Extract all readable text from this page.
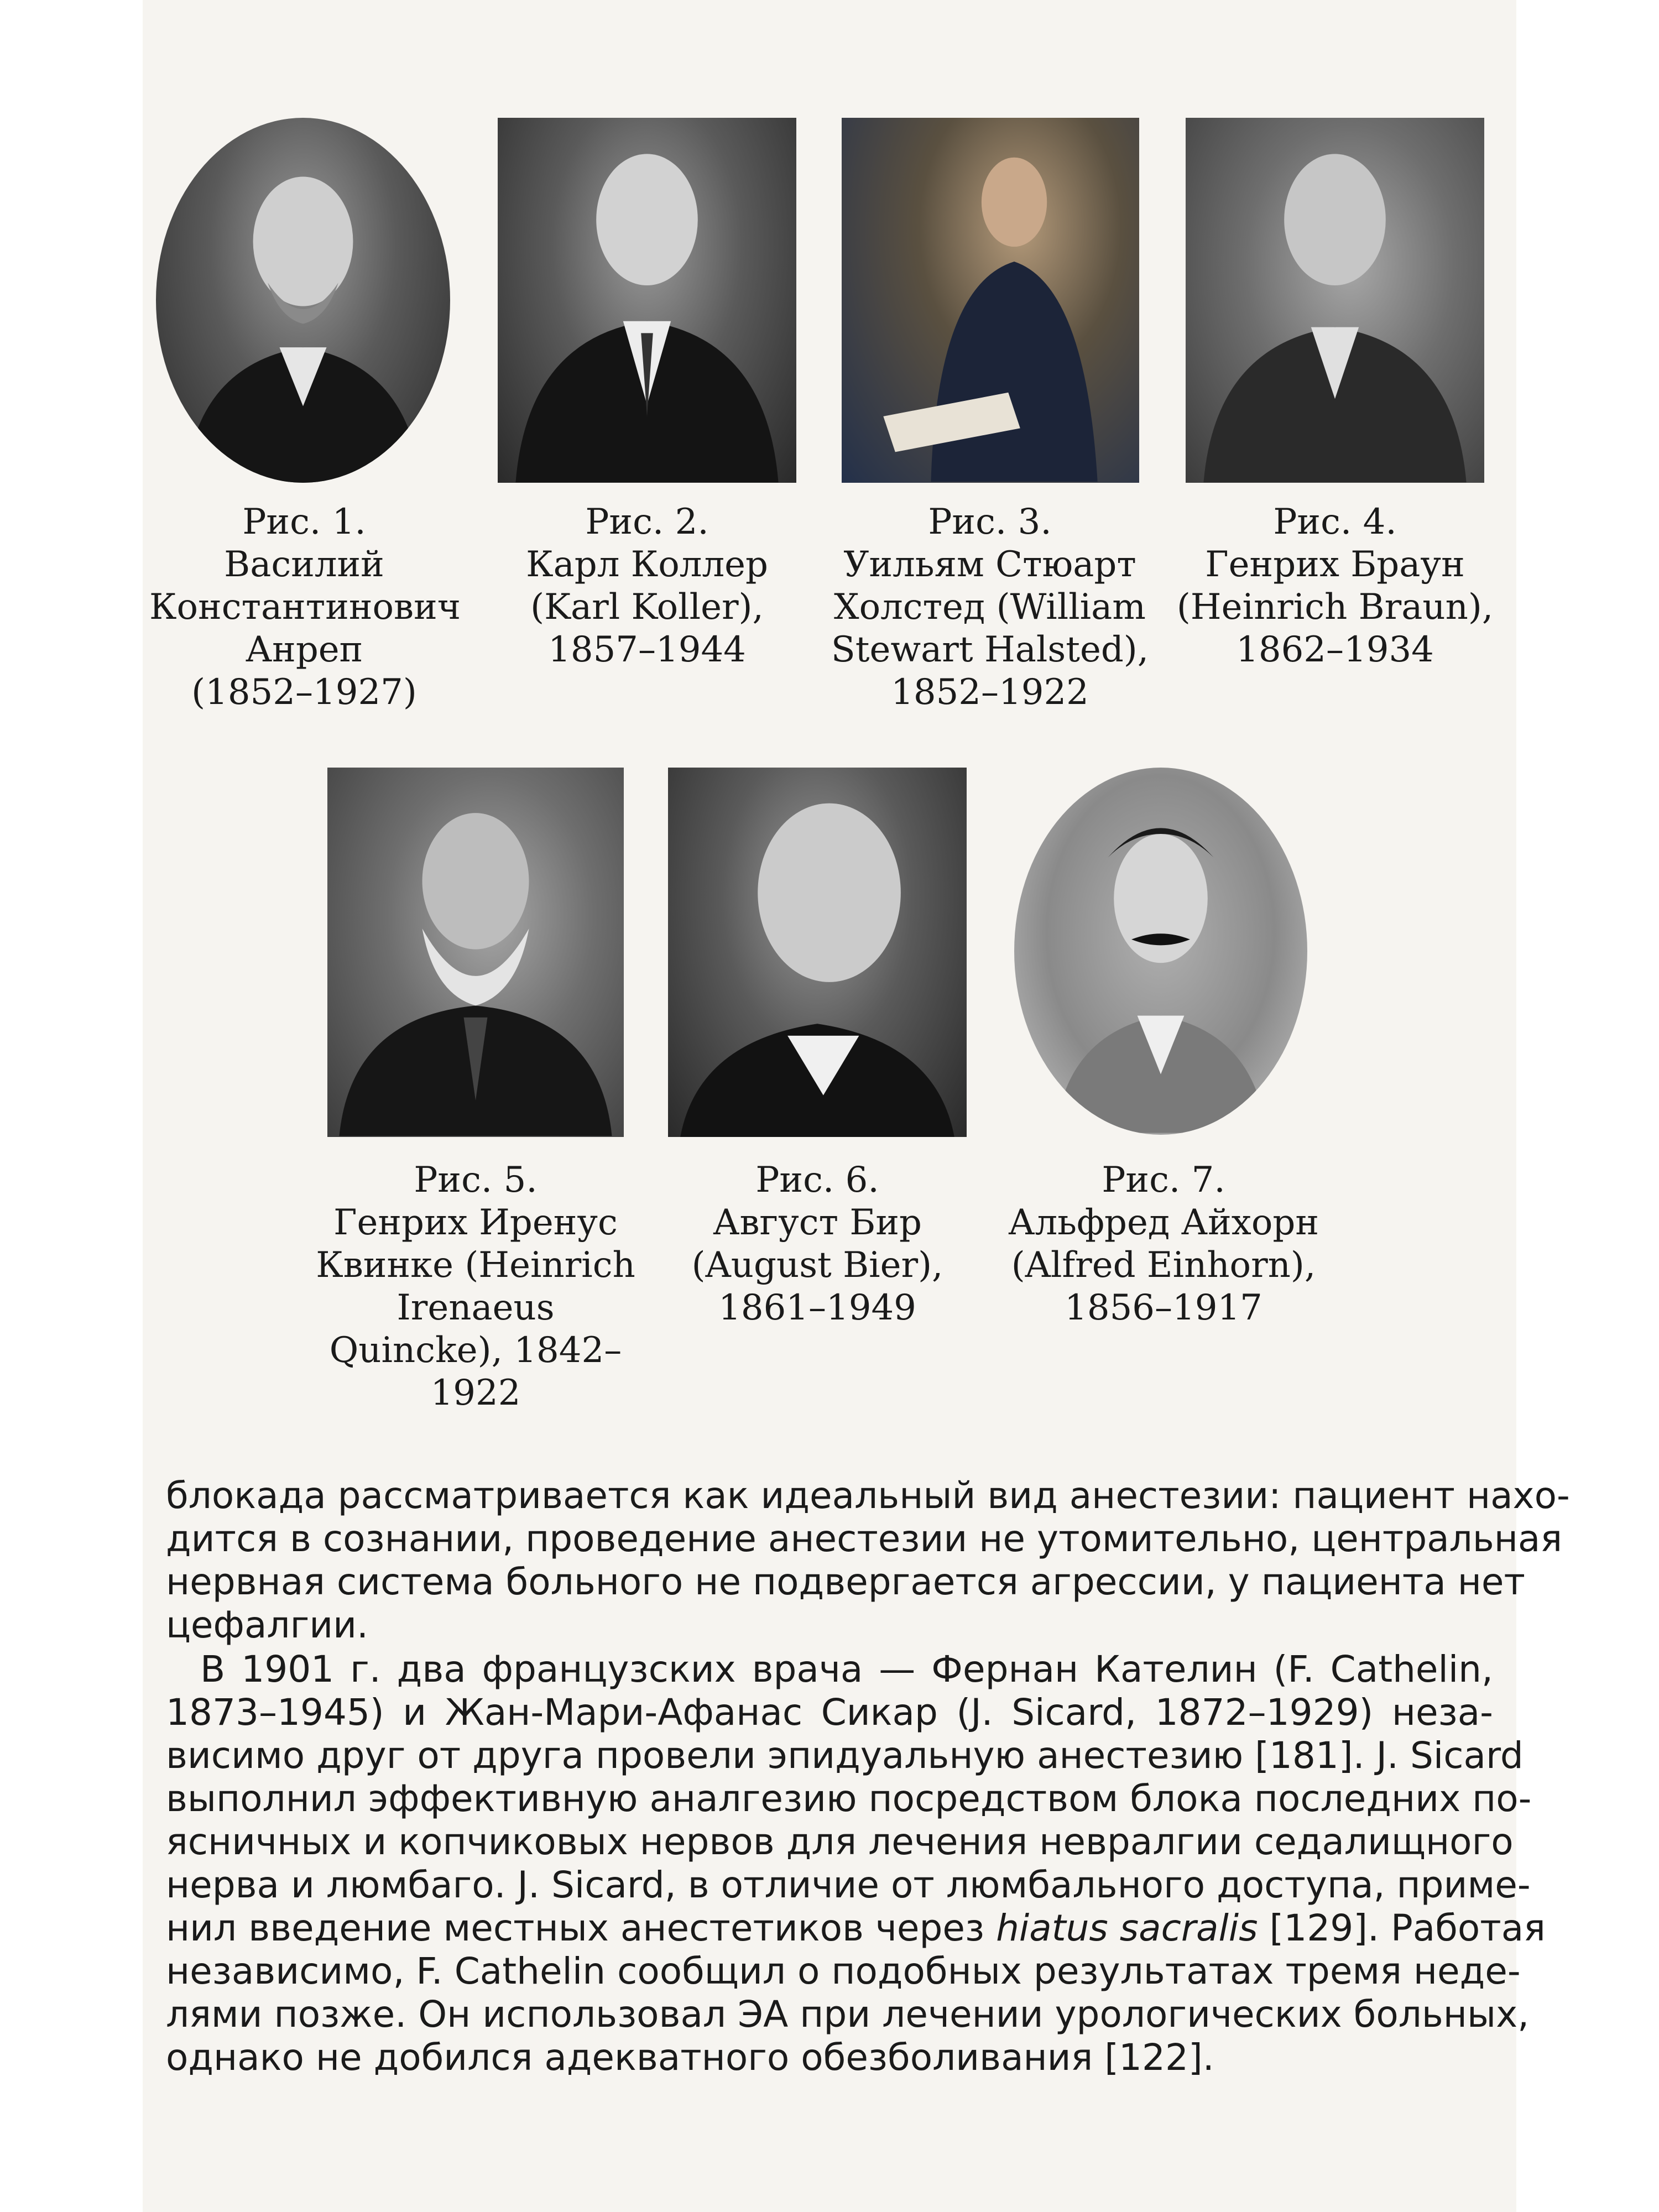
Рис. 1.
Василий
Константинович
Анреп
(1852–1927)
Рис. 2.
Карл Коллер
(Karl Koller),
1857–1944
Рис. 3.
Уильям Стюарт
Холстед (William
Stewart Halsted),
1852–1922
Рис. 4.
Генрих Браун
(Heinrich Braun),
1862–1934
Рис. 5.
Генрих Иренус
Квинке (Heinrich
Irenaeus
Quincke), 1842–
1922
Рис. 6.
Август Бир
(August Bier),
1861–1949
Рис. 7.
Альфред Айхорн
(Alfred Einhorn),
1856–1917
блокада рассматривается как идеальный вид анестезии: пациент нахо-
дится в сознании, проведение анестезии не утомительно, центральная
нервная система больного не подвергается агрессии, у пациента нет
цефалгии.
В 1901 г. два французских врача — Фернан Кателин (F. Cathelin,
1873–1945) и Жан-Мари-Афанас Сикар (J. Sicard, 1872–1929) неза-
висимо друг от друга провели эпидуальную анестезию [181]. J. Sicard
выполнил эффективную аналгезию посредством блока последних по-
ясничных и копчиковых нервов для лечения невралгии седалищного
нерва и люмбаго. J. Sicard, в отличие от люмбального доступа, приме-
нил введение местных анестетиков через hiatus sacralis [129]. Работая
независимо, F. Cathelin сообщил о подобных результатах тремя неде-
лями позже. Он использовал ЭА при лечении урологических больных,
однако не добился адекватного обезболивания [122].
